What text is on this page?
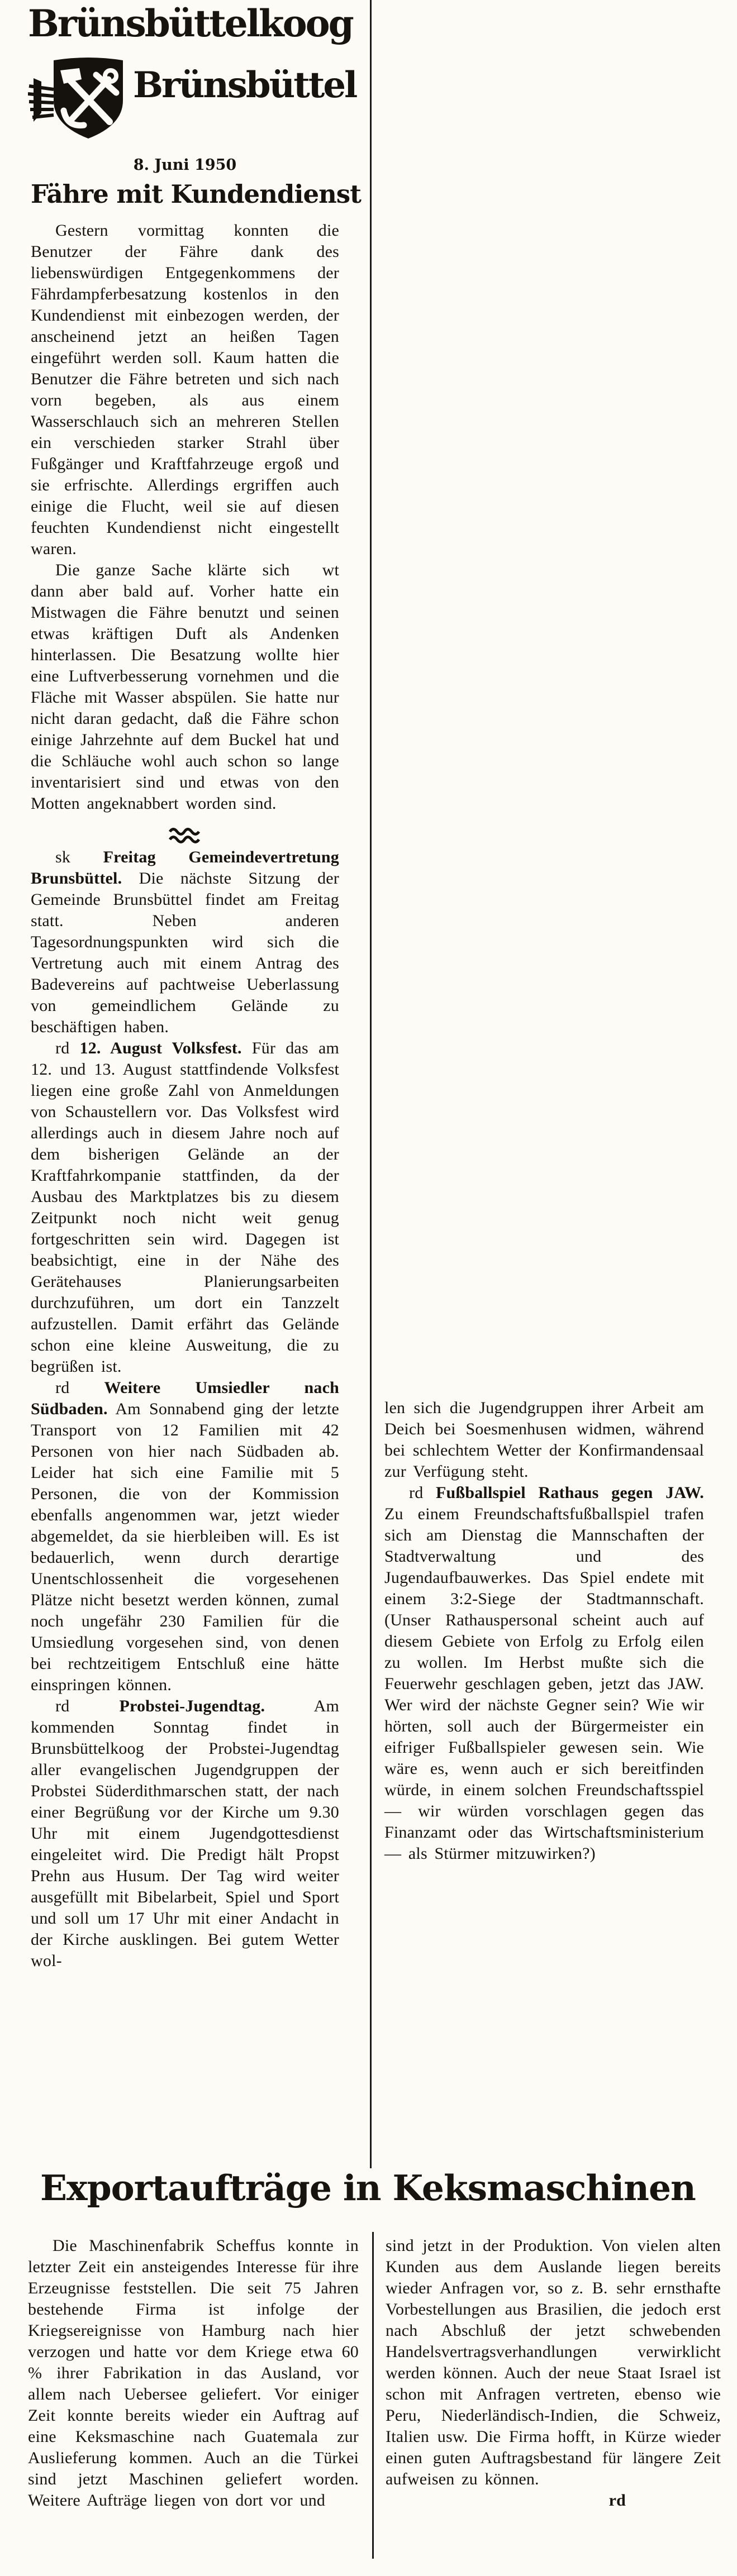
Brünsbüttelkoog
Brünsbüttel
8. Juni 1950
Fähre mit Kundendienst

Gestern vormittag konnten die Benutzer der Fähre dank des liebenswürdigen Entgegenkommens der Fährdampferbesatzung kostenlos in den Kundendienst mit einbezogen werden, der anscheinend jetzt an heißen Tagen eingeführt werden soll. Kaum hatten die Benutzer die Fähre betreten und sich nach vorn begeben, als aus einem Wasserschlauch sich an mehreren Stellen ein verschieden starker Strahl über Fußgänger und Kraftfahrzeuge ergoß und sie erfrischte. Allerdings ergriffen auch einige die Flucht, weil sie auf diesen feuchten Kundendienst nicht eingestellt waren.

wt
Die ganze Sache klärte sich dann aber bald auf. Vorher hatte ein Mistwagen die Fähre benutzt und seinen etwas kräftigen Duft als Andenken hinterlassen. Die Besatzung wollte hier eine Luftverbesserung vornehmen und die Fläche mit Wasser abspülen. Sie hatte nur nicht daran gedacht, daß die Fähre schon einige Jahrzehnte auf dem Buckel hat und die Schläuche wohl auch schon so lange inventarisiert sind und etwas von den Motten angeknabbert worden sind.

sk Freitag Gemeindevertretung Brunsbüttel. Die nächste Sitzung der Gemeinde Brunsbüttel findet am Freitag statt. Neben anderen Tagesordnungspunkten wird sich die Vertretung auch mit einem Antrag des Badevereins auf pachtweise Ueberlassung von gemeindlichem Gelände zu beschäftigen haben.

rd 12. August Volksfest. Für das am 12. und 13. August stattfindende Volksfest liegen eine große Zahl von Anmeldungen von Schaustellern vor. Das Volksfest wird allerdings auch in diesem Jahre noch auf dem bisherigen Gelände an der Kraftfahrkompanie stattfinden, da der Ausbau des Marktplatzes bis zu diesem Zeitpunkt noch nicht weit genug fortgeschritten sein wird. Dagegen ist beabsichtigt, eine in der Nähe des Gerätehauses Planierungsarbeiten durchzuführen, um dort ein Tanzzelt aufzustellen. Damit erfährt das Gelände schon eine kleine Ausweitung, die zu begrüßen ist.

rd Weitere Umsiedler nach Südbaden. Am Sonnabend ging der letzte Transport von 12 Familien mit 42 Personen von hier nach Südbaden ab. Leider hat sich eine Familie mit 5 Personen, die von der Kommission ebenfalls angenommen war, jetzt wieder abgemeldet, da sie hierbleiben will. Es ist bedauerlich, wenn durch derartige Unentschlossenheit die vorgesehenen Plätze nicht besetzt werden können, zumal noch ungefähr 230 Familien für die Umsiedlung vorgesehen sind, von denen bei rechtzeitigem Entschluß eine hätte einspringen können.

rd	Probstei-Jugendtag.	Am kommenden Sonntag findet in Brunsbüttelkoog der Probstei-Jugendtag aller evangelischen Jugendgruppen der Probstei Süderdithmarschen statt, der nach einer Begrüßung vor der Kirche um 9.30 Uhr mit einem Jugendgottesdienst eingeleitet wird. Die Predigt hält Propst Prehn aus Husum. Der Tag wird weiter ausgefüllt mit Bibelarbeit, Spiel und Sport und soll um 17 Uhr mit einer Andacht in der Kirche ausklingen. Bei gutem Wetter wol-

len sich die Jugendgruppen ihrer Arbeit am Deich bei Soesmenhusen widmen, während bei schlechtem Wetter der Konfirmandensaal zur Verfügung steht.

rd Fußballspiel Rathaus gegen JAW. Zu einem Freundschaftsfußballspiel trafen sich am Dienstag die Mannschaften der Stadtverwaltung und des Jugendaufbauwerkes. Das Spiel endete mit einem 3:2-Siege der Stadtmannschaft. (Unser Rathauspersonal scheint auch auf diesem Gebiete von Erfolg zu Erfolg eilen zu wollen. Im Herbst mußte sich die Feuerwehr geschlagen geben, jetzt das JAW. Wer wird der nächste Gegner sein? Wie wir hörten, soll auch der Bürgermeister ein eifriger Fußballspieler gewesen sein. Wie wäre es, wenn auch er sich bereitfinden würde, in einem solchen Freundschaftsspiel — wir würden vorschlagen gegen das Finanzamt oder das Wirtschaftsministerium — als Stürmer mitzuwirken?)

Exportaufträge in Keksmaschinen

Die Maschinenfabrik Scheffus konnte in letzter Zeit ein ansteigendes Interesse für ihre Erzeugnisse feststellen. Die seit 75 Jahren bestehende Firma ist infolge der Kriegsereignisse von Hamburg nach hier verzogen und hatte vor dem Kriege etwa 60 % ihrer Fabrikation in das Ausland, vor allem nach Uebersee geliefert. Vor einiger Zeit konnte bereits wieder ein Auftrag auf eine Keksmaschine nach Guatemala zur Auslieferung kommen. Auch an die Türkei sind jetzt Maschinen geliefert worden. Weitere Aufträge liegen von dort vor und

sind jetzt in der Produktion. Von vielen alten Kunden aus dem Auslande liegen bereits wieder Anfragen vor, so z. B. sehr ernsthafte Vorbestellungen aus Brasilien, die jedoch erst nach Abschluß der jetzt schwebenden Handelsvertragsverhandlungen verwirklicht werden können. Auch der neue Staat Israel ist schon mit Anfragen vertreten, ebenso wie Peru, Niederländisch-Indien, die Schweiz, Italien usw. Die Firma hofft, in Kürze wieder einen guten Auftragsbestand für längere Zeit aufweisen zu können.

rd
